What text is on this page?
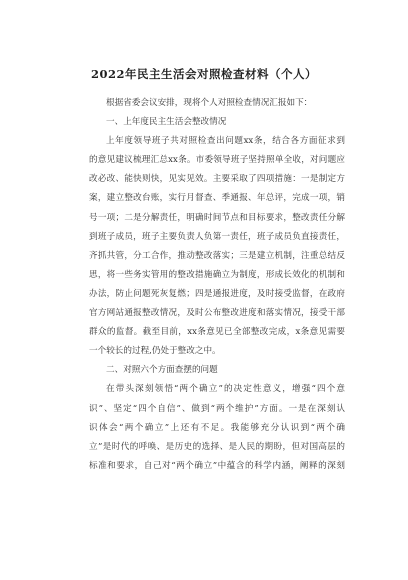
2022年民主生活会对照检查材料（个人）
根据省委会议安排，现将个人对照检查情况汇报如下：
一、上年度民主生活会整改情况
上年度领导班子共对照检查出问题xx条，结合各方面征求到
的意见建议梳理汇总xx条。市委领导班子坚持照单全收，对问题应
改必改、能快则快，见实见效。主要采取了四项措施：一是制定方
案，建立整改台账，实行月督查、季通报、年总评，完成一项，销
号一项；二是分解责任，明确时间节点和目标要求，整改责任分解
到班子成员，班子主要负责人负第一责任，班子成员负直接责任，
齐抓共管，分工合作，推动整改落实；三是建立机制，注重总结反
思，将一些务实管用的整改措施确立为制度，形成长效化的机制和
办法，防止问题死灰复燃；四是通报进度，及时接受监督，在政府
官方网站通报整改情况，及时公布整改进度和落实情况，接受干部
群众的监督。截至目前，xx条意见已全部整改完成，x条意见需要
一个较长的过程,仍处于整改之中。
二、对照六个方面查摆的问题
在带头深刻领悟“两个确立”的决定性意义，增强“四个意
识”、坚定“四个自信”、做到“两个维护”方面。一是在深刻认
识体会“两个确立”上还有不足。我能够充分认识到“两个确
立”是时代的呼唤、是历史的选择、是人民的期盼，但对国高层的
标准和要求，自己对“两个确立”中蕴含的科学内涵，阐释的深刻
